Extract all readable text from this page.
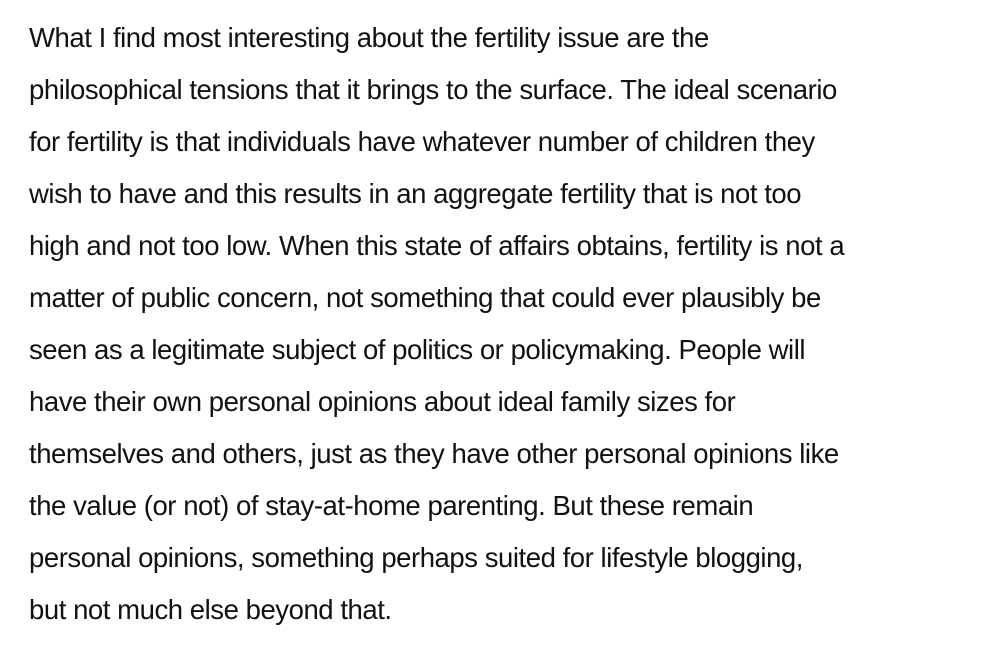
What I find most interesting about the fertility issue are the
philosophical tensions that it brings to the surface. The ideal scenario
for fertility is that individuals have whatever number of children they
wish to have and this results in an aggregate fertility that is not too
high and not too low. When this state of affairs obtains, fertility is not a
matter of public concern, not something that could ever plausibly be
seen as a legitimate subject of politics or policymaking. People will
have their own personal opinions about ideal family sizes for
themselves and others, just as they have other personal opinions like
the value (or not) of stay-at-home parenting. But these remain
personal opinions, something perhaps suited for lifestyle blogging,
but not much else beyond that.
